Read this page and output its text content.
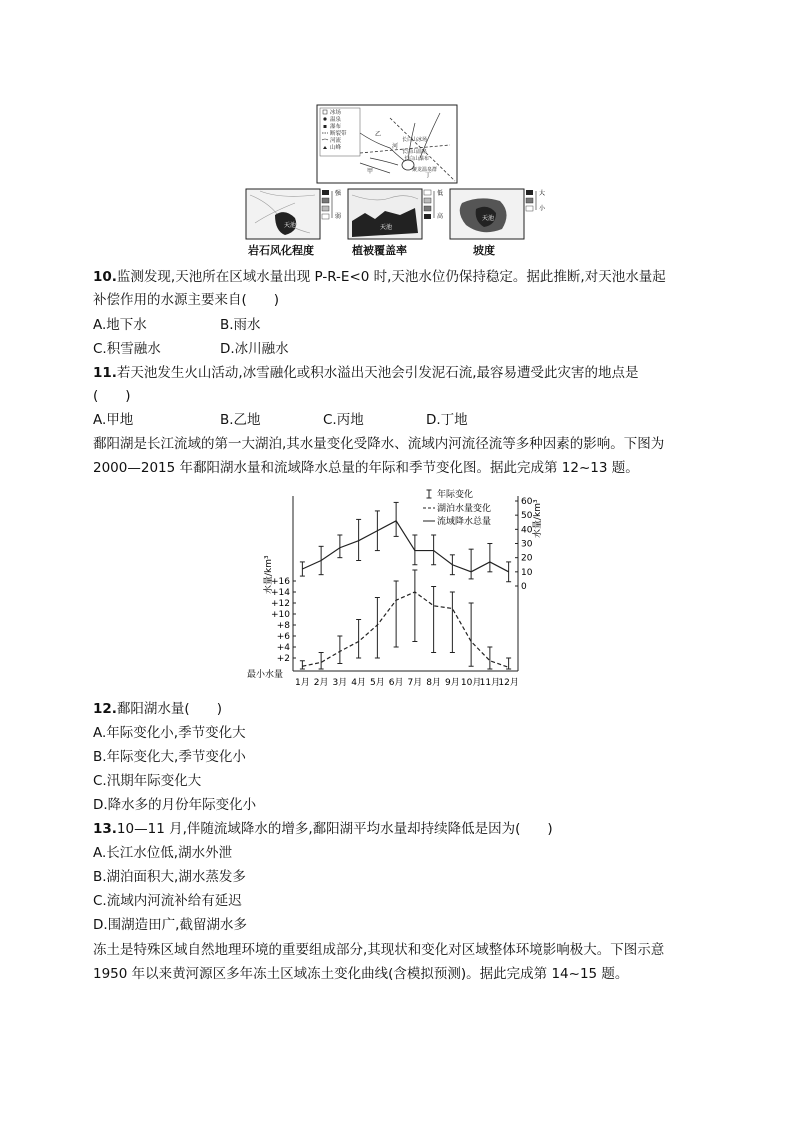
冰场
温泉
瀑布
断裂带
河流
山峰
乙
河
甲
丁
长白山冰场
长白山温泉
长白山瀑布
聚龙温泉群
天池
强
弱
天池
低
高	天池
大
小
岩石风化程度	植被覆盖率	坡度
10.监测发现,天池所在区域水量出现 P-R-E<0 时,天池水位仍保持稳定。据此推断,对天池水量起
补偿作用的水源主要来自(　　)
A.地下水	B.雨水
C.积雪融水	D.冰川融水
11.若天池发生火山活动,冰雪融化或积水溢出天池会引发泥石流,最容易遭受此灾害的地点是
(　　)
A.甲地	B.乙地	C.丙地	D.丁地
鄱阳湖是长江流域的第一大湖泊,其水量变化受降水、流域内河流径流等多种因素的影响。下图为
2000—2015 年鄱阳湖水量和流域降水总量的年际和季节变化图。据此完成第 12~13 题。
+2
+4
+6
+8
+10
+12
+14
+16	0
10
20
30
40
50
60
1月 2月 3月 4月 5月 6月 7月 8月 9月 10月
11月
12月
年际变化
湖泊水量变化
流域降水总量
水量/km³
水量/km³
最小水量
12.鄱阳湖水量(　　)
A.年际变化小,季节变化大
B.年际变化大,季节变化小
C.汛期年际变化大
D.降水多的月份年际变化小
13.10—11 月,伴随流域降水的增多,鄱阳湖平均水量却持续降低是因为(　　)
A.长江水位低,湖水外泄
B.湖泊面积大,湖水蒸发多
C.流域内河流补给有延迟
D.围湖造田广,截留湖水多
冻土是特殊区域自然地理环境的重要组成部分,其现状和变化对区域整体环境影响极大。下图示意
1950 年以来黄河源区多年冻土区域冻土变化曲线(含模拟预测)。据此完成第 14~15 题。
